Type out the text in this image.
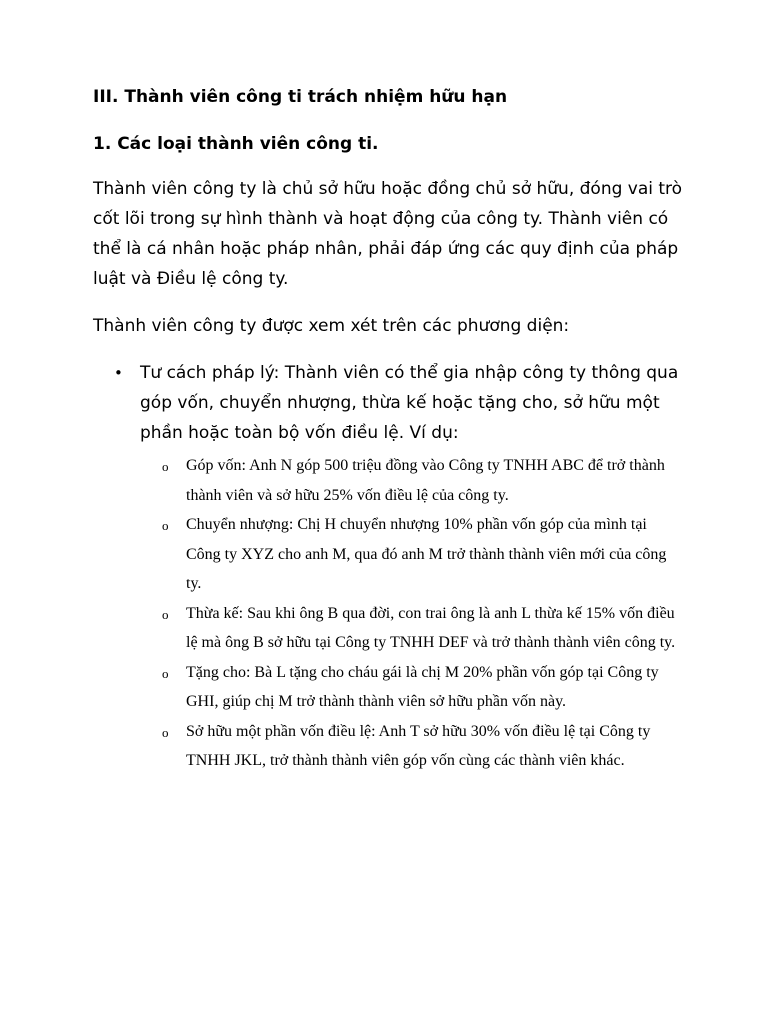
III. Thành viên công ti trách nhiệm hữu hạn
1. Các loại thành viên công ti.

Thành viên công ty là chủ sở hữu hoặc đồng chủ sở hữu, đóng vai trò cốt lõi trong sự hình thành và hoạt động của công ty. Thành viên có thể là cá nhân hoặc pháp nhân, phải đáp ứng các quy định của pháp luật và Điều lệ công ty.

Thành viên công ty được xem xét trên các phương diện:

• Tư cách pháp lý: Thành viên có thể gia nhập công ty thông qua góp vốn, chuyển nhượng, thừa kế hoặc tặng cho, sở hữu một phần hoặc toàn bộ vốn điều lệ. Ví dụ:
o Góp vốn: Anh N góp 500 triệu đồng vào Công ty TNHH ABC để trở thành thành viên và sở hữu 25% vốn điều lệ của công ty.
o Chuyển nhượng: Chị H chuyển nhượng 10% phần vốn góp của mình tại Công ty XYZ cho anh M, qua đó anh M trở thành thành viên mới của công ty.
o Thừa kế: Sau khi ông B qua đời, con trai ông là anh L thừa kế 15% vốn điều lệ mà ông B sở hữu tại Công ty TNHH DEF và trở thành thành viên công ty.
o Tặng cho: Bà L tặng cho cháu gái là chị M 20% phần vốn góp tại Công ty GHI, giúp chị M trở thành thành viên sở hữu phần vốn này.
o Sở hữu một phần vốn điều lệ: Anh T sở hữu 30% vốn điều lệ tại Công ty TNHH JKL, trở thành thành viên góp vốn cùng các thành viên khác.
